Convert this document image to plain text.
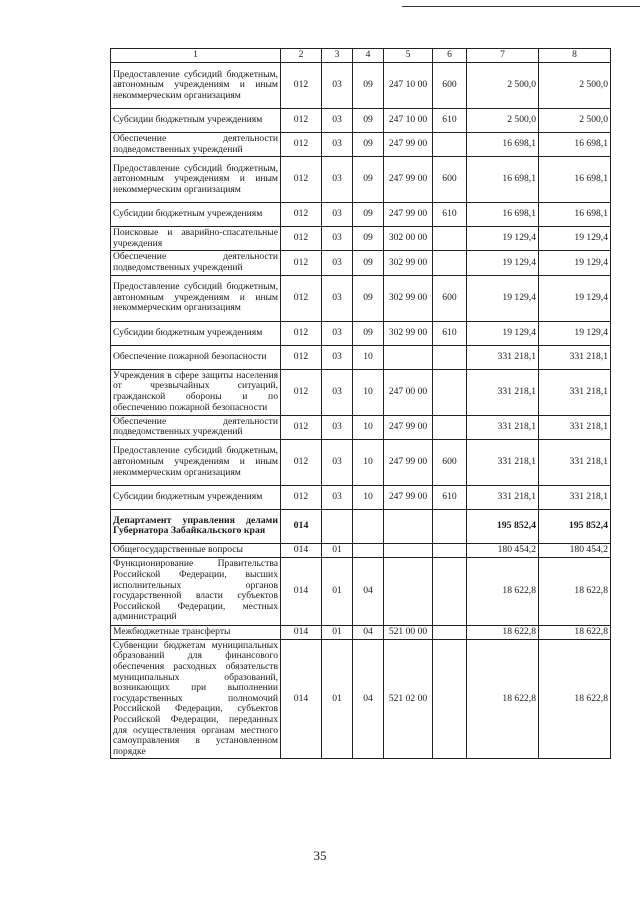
1	2	3	4	5	6	7	8
Предоставление субсидий бюджетным, автономным учреждениям и иным некоммерческим организациям	012	03	09	247 10 00	600	2 500,0	2 500,0
Субсидии бюджетным учреждениям	012	03	09	247 10 00	610	2 500,0	2 500,0
Обеспечение деятельности подведомственных учреждений	012	03	09	247 99 00		16 698,1	16 698,1
Предоставление субсидий бюджетным, автономным учреждениям и иным некоммерческим организациям	012	03	09	247 99 00	600	16 698,1	16 698,1
Субсидии бюджетным учреждениям	012	03	09	247 99 00	610	16 698,1	16 698,1
Поисковые и аварийно-спасательные учреждения	012	03	09	302 00 00		19 129,4	19 129,4
Обеспечение деятельности подведомственных учреждений	012	03	09	302 99 00		19 129,4	19 129,4
Предоставление субсидий бюджетным, автономным учреждениям и иным некоммерческим организациям	012	03	09	302 99 00	600	19 129,4	19 129,4
Субсидии бюджетным учреждениям	012	03	09	302 99 00	610	19 129,4	19 129,4
Обеспечение пожарной безопасности	012	03	10			331 218,1	331 218,1
Учреждения в сфере защиты населения от чрезвычайных ситуаций, гражданской обороны и по обеспечению пожарной безопасности	012	03	10	247 00 00		331 218,1	331 218,1
Обеспечение деятельности подведомственных учреждений	012	03	10	247 99 00		331 218,1	331 218,1
Предоставление субсидий бюджетным, автономным учреждениям и иным некоммерческим организациям	012	03	10	247 99 00	600	331 218,1	331 218,1
Субсидии бюджетным учреждениям	012	03	10	247 99 00	610	331 218,1	331 218,1
Департамент управления делами Губернатора Забайкальского края	014					195 852,4	195 852,4
Общегосударственные вопросы	014	01				180 454,2	180 454,2
Функционирование Правительства Российской Федерации, высших исполнительных органов государственной власти субъектов Российской Федерации, местных администраций	014	01	04			18 622,8	18 622,8
Межбюджетные трансферты	014	01	04	521 00 00		18 622,8	18 622,8
Субвенции бюджетам муниципальных образований для финансового обеспечения расходных обязательств муниципальных образований, возникающих при выполнении государственных полномочий Российской Федерации, субъектов Российской Федерации, переданных для осуществления органам местного самоуправления в установленном порядке	014	01	04	521 02 00		18 622,8	18 622,8
35
